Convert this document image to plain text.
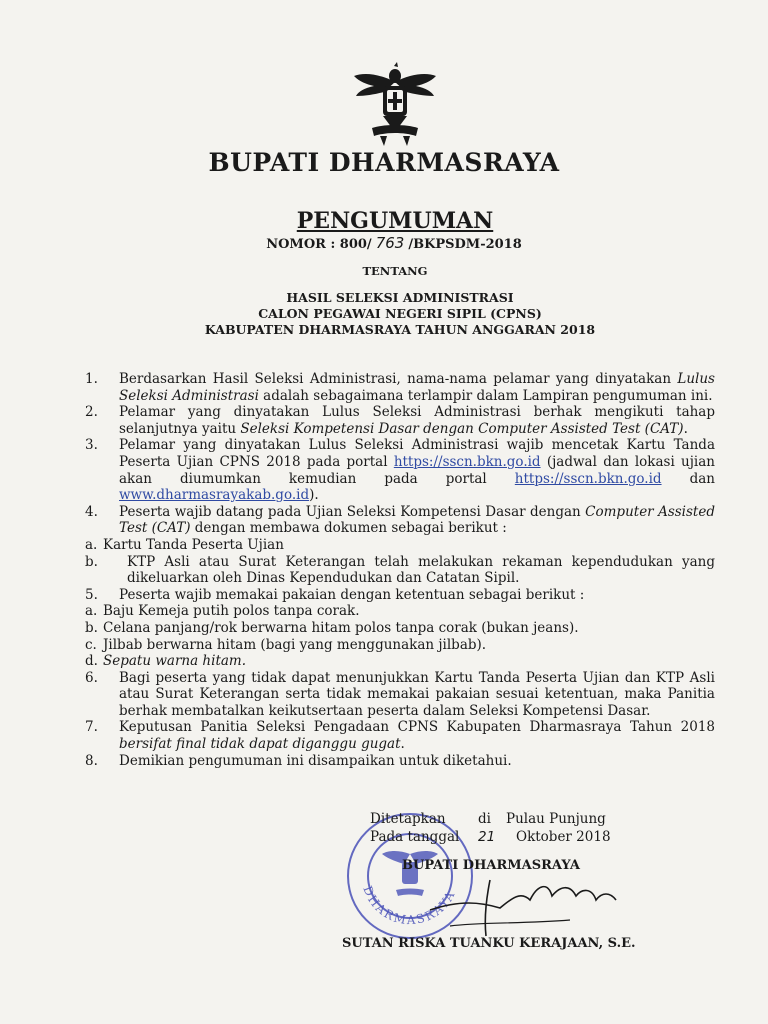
BUPATI DHARMASRAYA
PENGUMUMAN
NOMOR : 800/ 763 /BKPSDM-2018
TENTANG
HASIL SELEKSI ADMINISTRASI
CALON PEGAWAI NEGERI SIPIL (CPNS)
KABUPATEN DHARMASRAYA TAHUN ANGGARAN 2018
1. Berdasarkan Hasil Seleksi Administrasi, nama-nama pelamar yang dinyatakan Lulus Seleksi Administrasi adalah sebagaimana terlampir dalam Lampiran pengumuman ini.

2. Pelamar yang dinyatakan Lulus Seleksi Administrasi berhak mengikuti tahap selanjutnya yaitu Seleksi Kompetensi Dasar dengan Computer Assisted Test (CAT).

3. Pelamar yang dinyatakan Lulus Seleksi Administrasi wajib mencetak Kartu Tanda Peserta Ujian CPNS 2018 pada portal https://sscn.bkn.go.id (jadwal dan lokasi ujian akan diumumkan kemudian pada portal https://sscn.bkn.go.id dan www.dharmasrayakab.go.id).

4. Peserta wajib datang pada Ujian Seleksi Kompetensi Dasar dengan Computer Assisted Test (CAT) dengan membawa dokumen sebagai berikut :

a. Kartu Tanda Peserta Ujian

b.	KTP Asli atau Surat Keterangan telah melakukan rekaman kependudukan yang dikeluarkan oleh Dinas Kependudukan dan Catatan Sipil.

5. Peserta wajib memakai pakaian dengan ketentuan sebagai berikut :

a. Baju Kemeja putih polos tanpa corak.

b. Celana panjang/rok berwarna hitam polos tanpa corak (bukan jeans).

c. Jilbab berwarna hitam (bagi yang menggunakan jilbab).

d. Sepatu warna hitam.

6. Bagi peserta yang tidak dapat menunjukkan Kartu Tanda Peserta Ujian dan KTP Asli atau Surat Keterangan serta tidak memakai pakaian sesuai ketentuan, maka Panitia berhak membatalkan keikutsertaan peserta dalam Seleksi Kompetensi Dasar.

7. Keputusan Panitia Seleksi Pengadaan CPNS Kabupaten Dharmasraya Tahun 2018 bersifat final tidak dapat diganggu gugat.

8. Demikian pengumuman ini disampaikan untuk diketahui.

DHARMASRAYA
Ditetapkan di Pulau Punjung
Pada tanggal 21 Oktober 2018
BUPATI DHARMASRAYA
SUTAN RISKA TUANKU KERAJAAN, S.E.
